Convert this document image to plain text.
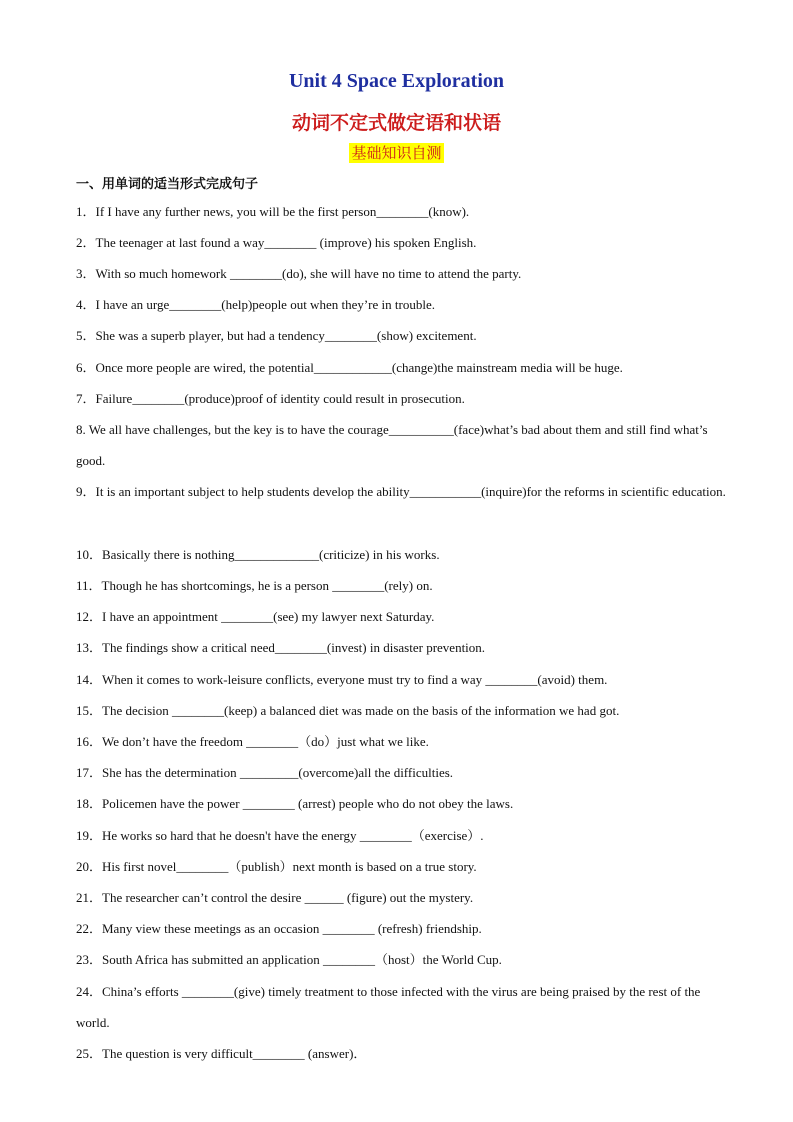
Unit 4 Space Exploration
动词不定式做定语和状语
基础知识自测
一、用单词的适当形式完成句子
1．If I have any further news, you will be the first person________(know).
2．The teenager at last found a way________ (improve) his spoken English.
3．With so much homework ________(do), she will have no time to attend the party.
4．I have an urge________(help)people out when they’re in trouble.
5．She was a superb player, but had a tendency________(show) excitement.
6．Once more people are wired, the potential____________(change)the mainstream media will be huge.
7．Failure________(produce)proof of identity could result in prosecution.
8. We all have challenges, but the key is to have the courage__________(face)what’s bad about them and still find what’s good.
9．It is an important subject to help students develop the ability___________(inquire)for the reforms in scientific education.
10．Basically there is nothing_____________(criticize) in his works.
11．Though he has shortcomings, he is a person ________(rely) on.
12．I have an appointment ________(see) my lawyer next Saturday.
13．The findings show a critical need________(invest) in disaster prevention.
14．When it comes to work-leisure conflicts, everyone must try to find a way ________(avoid) them.
15．The decision ________(keep) a balanced diet was made on the basis of the information we had got.
16．We don’t have the freedom ________（do）just what we like.
17．She has the determination _________(overcome)all the difficulties.
18．Policemen have the power ________ (arrest) people who do not obey the laws.
19．He works so hard that he doesn't have the energy ________（exercise）.
20．His first novel________（publish）next month is based on a true story.
21．The researcher can’t control the desire ______ (figure) out the mystery.
22．Many view these meetings as an occasion ________ (refresh) friendship.
23．South Africa has submitted an application ________（host）the World Cup.
24．China’s efforts ________(give) timely treatment to those infected with the virus are being praised by the rest of the world.
25．The question is very difficult________ (answer)．
